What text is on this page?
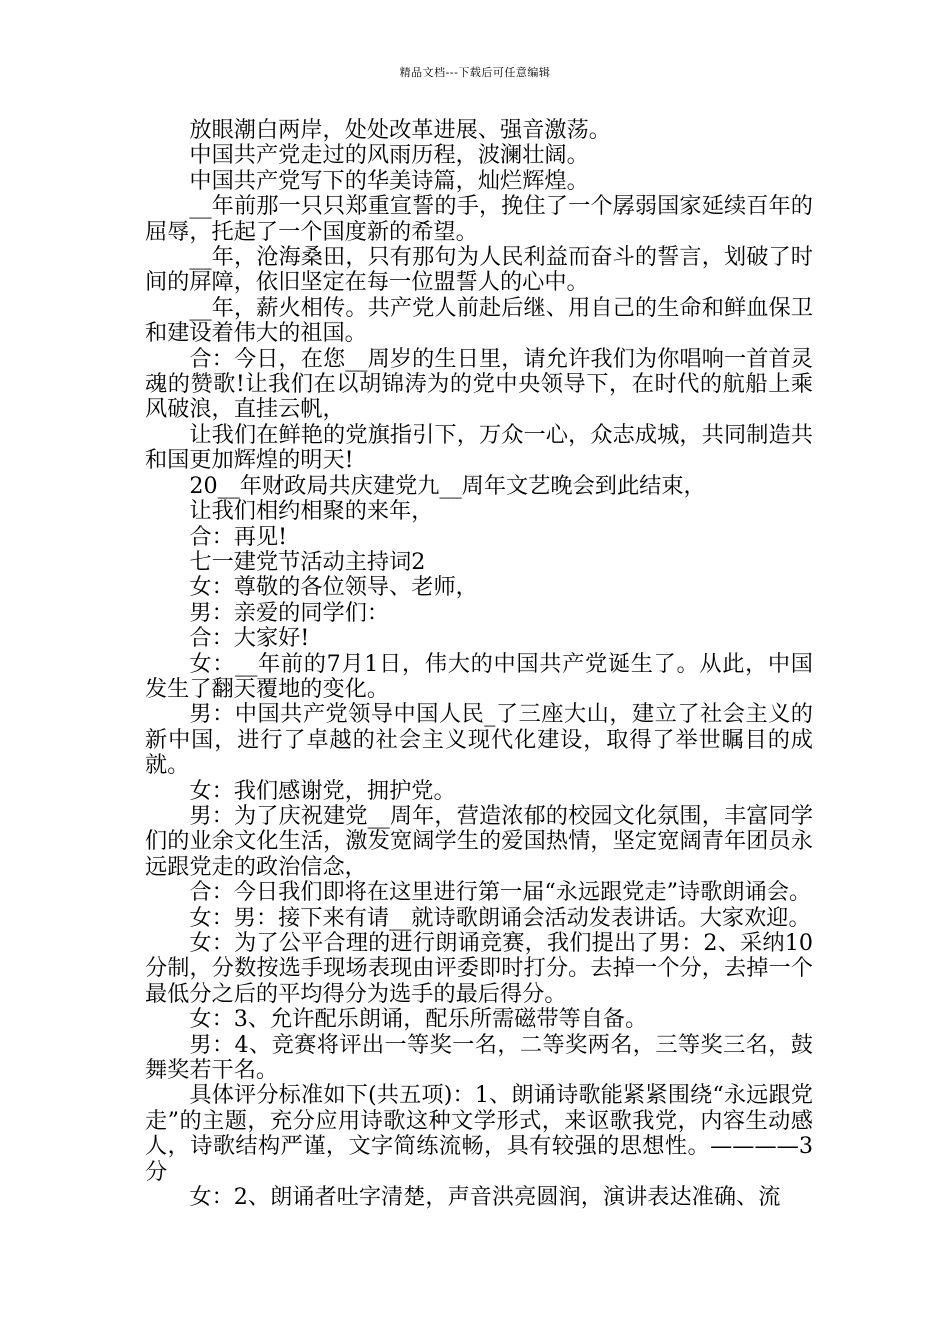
精品文档---下载后可任意编辑

放眼潮白两岸，处处改革进展、强音激荡。

中国共产党走过的风雨历程，波澜壮阔。

中国共产党写下的华美诗篇，灿烂辉煌。

__年前那一只只郑重宣誓的手，挽住了一个孱弱国家延续百年的屈辱，托起了一个国度新的希望。

__年，沧海桑田，只有那句为人民利益而奋斗的誓言，划破了时间的屏障，依旧坚定在每一位盟誓人的心中。

__年，薪火相传。共产党人前赴后继、用自己的生命和鲜血保卫和建设着伟大的祖国。

合：今日，在您__周岁的生日里，请允许我们为你唱响一首首灵魂的赞歌!让我们在以胡锦涛为的党中央领导下，在时代的航船上乘风破浪，直挂云帆，

让我们在鲜艳的党旗指引下，万众一心，众志成城，共同制造共和国更加辉煌的明天!

20__年财政局共庆建党九__周年文艺晚会到此结束，

让我们相约相聚的来年，

合：再见!

七一建党节活动主持词2

女：尊敬的各位领导、老师，

男：亲爱的同学们：

合：大家好!

女：__年前的7月1日，伟大的中国共产党诞生了。从此，中国发生了翻天覆地的变化。

男：中国共产党领导中国人民_了三座大山，建立了社会主义的新中国，进行了卓越的社会主义现代化建设，取得了举世瞩目的成就。

女：我们感谢党，拥护党。

男：为了庆祝建党__周年，营造浓郁的校园文化氛围，丰富同学们的业余文化生活，激发宽阔学生的爱国热情，坚定宽阔青年团员永远跟党走的政治信念，

合：今日我们即将在这里进行第一届“永远跟党走”诗歌朗诵会。

女：男：接下来有请__就诗歌朗诵会活动发表讲话。大家欢迎。

女：为了公平合理的进行朗诵竞赛，我们提出了男：2、采纳10分制，分数按选手现场表现由评委即时打分。去掉一个分，去掉一个最低分之后的平均得分为选手的最后得分。

女：3、允许配乐朗诵，配乐所需磁带等自备。

男：4、竞赛将评出一等奖一名，二等奖两名，三等奖三名，鼓舞奖若干名。

具体评分标准如下(共五项)：1、朗诵诗歌能紧紧围绕“永远跟党走”的主题，充分应用诗歌这种文学形式，来讴歌我党，内容生动感人，诗歌结构严谨，文字简练流畅，具有较强的思想性。————3分

女：2、朗诵者吐字清楚，声音洪亮圆润，演讲表达准确、流
